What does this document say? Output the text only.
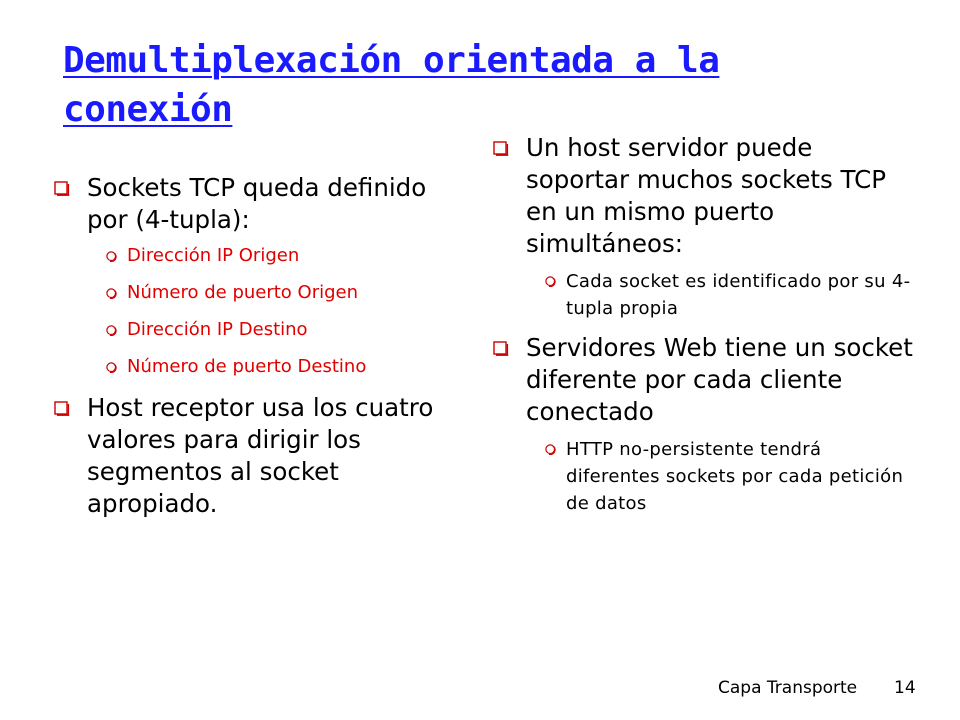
Demultiplexación orientada a la conexión
Sockets TCP queda definido por (4-tupla):
Dirección IP Origen
Número de puerto Origen
Dirección IP Destino
Número de puerto Destino
Host receptor usa los cuatro valores para dirigir los segmentos al socket apropiado.
Un host servidor puede soportar muchos sockets TCP en un mismo puerto simultáneos:
Cada socket es identificado por su 4-tupla propia
Servidores Web tiene un socket diferente por cada cliente conectado
HTTP no-persistente tendrá diferentes sockets por cada petición de datos

Capa Transporte 14
